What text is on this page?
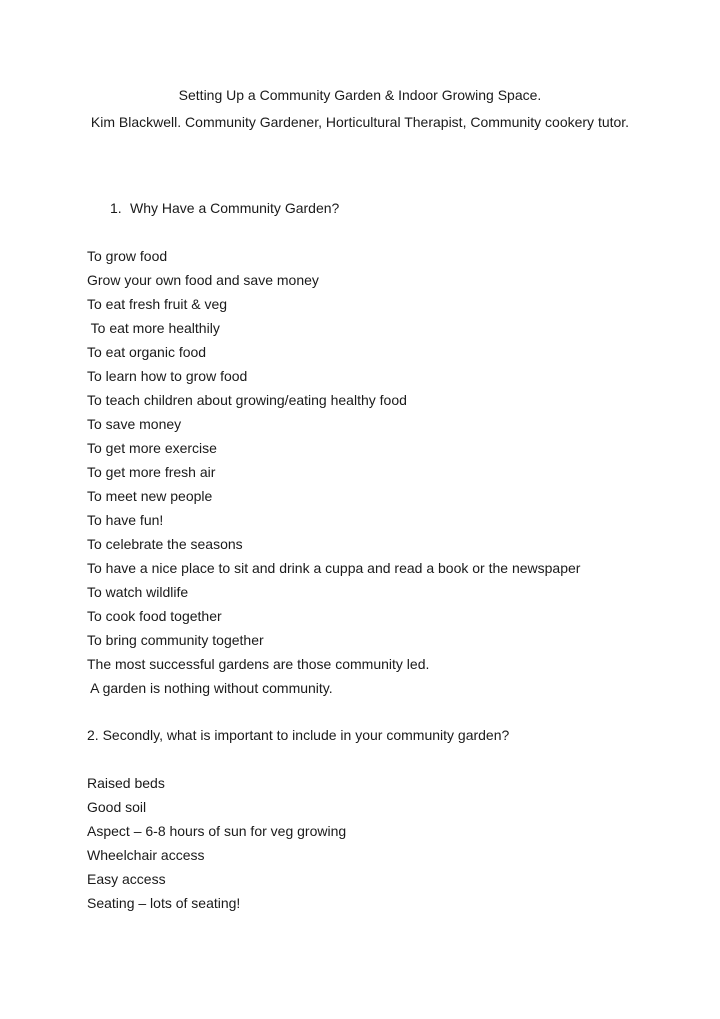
Setting Up a Community Garden & Indoor Growing Space.
Kim Blackwell. Community Gardener, Horticultural Therapist, Community cookery tutor.
1. Why Have a Community Garden?
To grow food
Grow your own food and save money
To eat fresh fruit & veg
To eat more healthily
To eat organic food
To learn how to grow food
To teach children about growing/eating healthy food
To save money
To get more exercise
To get more fresh air
To meet new people
To have fun!
To celebrate the seasons
To have a nice place to sit and drink a cuppa and read a book or the newspaper
To watch wildlife
To cook food together
To bring community together
The most successful gardens are those community led.
A garden is nothing without community.
2. Secondly, what is important to include in your community garden?
Raised beds
Good soil
Aspect – 6-8 hours of sun for veg growing
Wheelchair access
Easy access
Seating – lots of seating!
